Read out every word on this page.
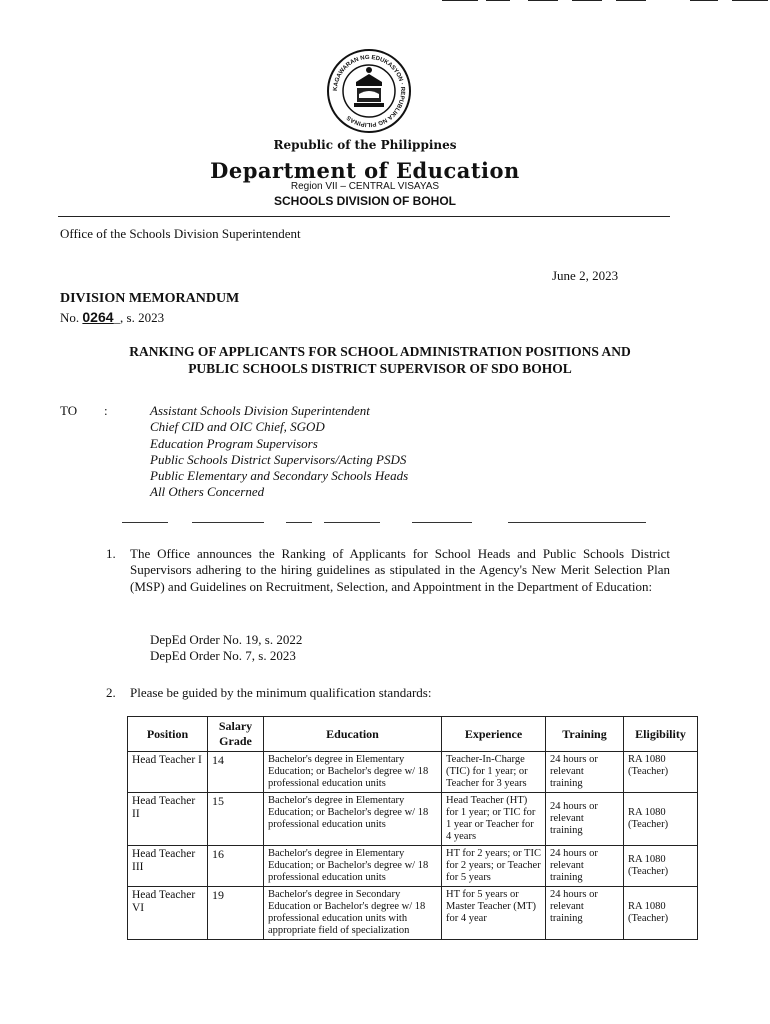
KAGAWARAN NG EDUKASYON · REPUBLIKA NG PILIPINAS
Republic of the Philippines
Department of Education
Region VII – CENTRAL VISAYAS
SCHOOLS DIVISION OF BOHOL
Office of the Schools Division Superintendent
June 2, 2023
DIVISION MEMORANDUM
No. 0264_, s. 2023
RANKING OF APPLICANTS FOR SCHOOL ADMINISTRATION POSITIONS AND
PUBLIC SCHOOLS DISTRICT SUPERVISOR OF SDO BOHOL
TO :	Assistant Schools Division Superintendent
Chief CID and OIC Chief, SGOD
Education Program Supervisors
Public Schools District Supervisors/Acting PSDS
Public Elementary and Secondary Schools Heads
All Others Concerned
1. The Office announces the Ranking of Applicants for School Heads and Public Schools District Supervisors adhering to the hiring guidelines as stipulated in the Agency's New Merit Selection Plan (MSP) and Guidelines on Recruitment, Selection, and Appointment in the Department of Education:
DepEd Order No. 19, s. 2022
DepEd Order No. 7, s. 2023
2. Please be guided by the minimum qualification standards:
Position	Salary Grade	Education	Experience	Training	Eligibility
Head Teacher I	14	Bachelor's degree in Elementary Education; or Bachelor's degree w/ 18 professional education units	Teacher-In-Charge (TIC) for 1 year; or Teacher for 3 years	24 hours or relevant training	RA 1080 (Teacher)
Head Teacher II	15	Bachelor's degree in Elementary Education; or Bachelor's degree w/ 18 professional education units	Head Teacher (HT) for 1 year; or TIC for 1 year or Teacher for 4 years	24 hours or relevant training	RA 1080 (Teacher)
Head Teacher III	16	Bachelor's degree in Elementary Education; or Bachelor's degree w/ 18 professional education units	HT for 2 years; or TIC for 2 years; or Teacher for 5 years	24 hours or relevant training	RA 1080 (Teacher)
Head Teacher VI	19	Bachelor's degree in Secondary Education or Bachelor's degree w/ 18 professional education units with appropriate field of specialization	HT for 5 years or Master Teacher (MT) for 4 year	24 hours or relevant training	RA 1080 (Teacher)
